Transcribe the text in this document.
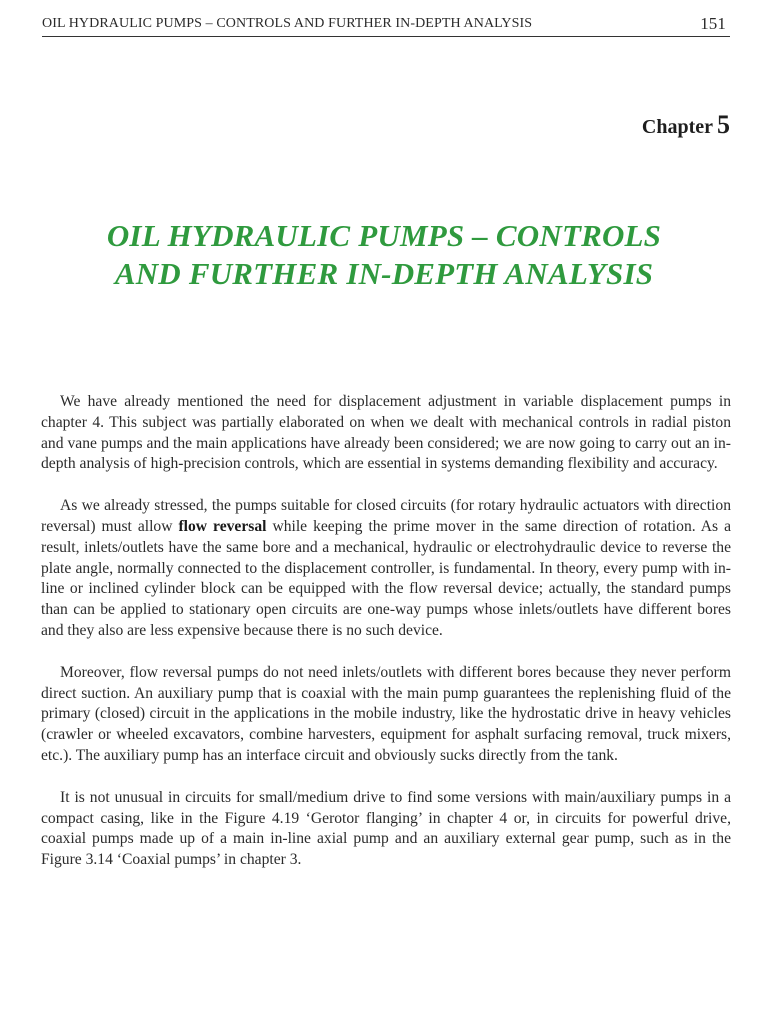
OIL HYDRAULIC PUMPS – CONTROLS AND FURTHER IN-DEPTH ANALYSIS	151
Chapter 5
OIL HYDRAULIC PUMPS – CONTROLS
AND FURTHER IN-DEPTH ANALYSIS

We have already mentioned the need for displacement adjustment in variable displacement pumps in chapter 4. This subject was partially elaborated on when we dealt with mechanical controls in radial piston and vane pumps and the main applications have already been considered; we are now going to carry out an in-depth analysis of high-precision controls, which are essential in systems demanding flexibility and accuracy.

As we already stressed, the pumps suitable for closed circuits (for rotary hydraulic actuators with direction reversal) must allow flow reversal while keeping the prime mover in the same direction of rotation. As a result, inlets/outlets have the same bore and a mechanical, hydraulic or electrohydraulic device to reverse the plate angle, normally connected to the displacement controller, is fundamental. In theory, every pump with in-line or inclined cylinder block can be equipped with the flow reversal device; actually, the standard pumps than can be applied to stationary open circuits are one-way pumps whose inlets/outlets have different bores and they also are less expensive because there is no such device.

Moreover, flow reversal pumps do not need inlets/outlets with different bores because they never perform direct suction. An auxiliary pump that is coaxial with the main pump guarantees the replenishing fluid of the primary (closed) circuit in the applications in the mobile industry, like the hydrostatic drive in heavy vehicles (crawler or wheeled excavators, combine harvesters, equipment for asphalt surfacing removal, truck mixers, etc.). The auxiliary pump has an interface circuit and obviously sucks directly from the tank.

It is not unusual in circuits for small/medium drive to find some versions with main/auxiliary pumps in a compact casing, like in the Figure 4.19 ‘Gerotor flanging’ in chapter 4 or, in circuits for powerful drive, coaxial pumps made up of a main in-line axial pump and an auxiliary external gear pump, such as in the Figure 3.14 ‘Coaxial pumps’ in chapter 3.
